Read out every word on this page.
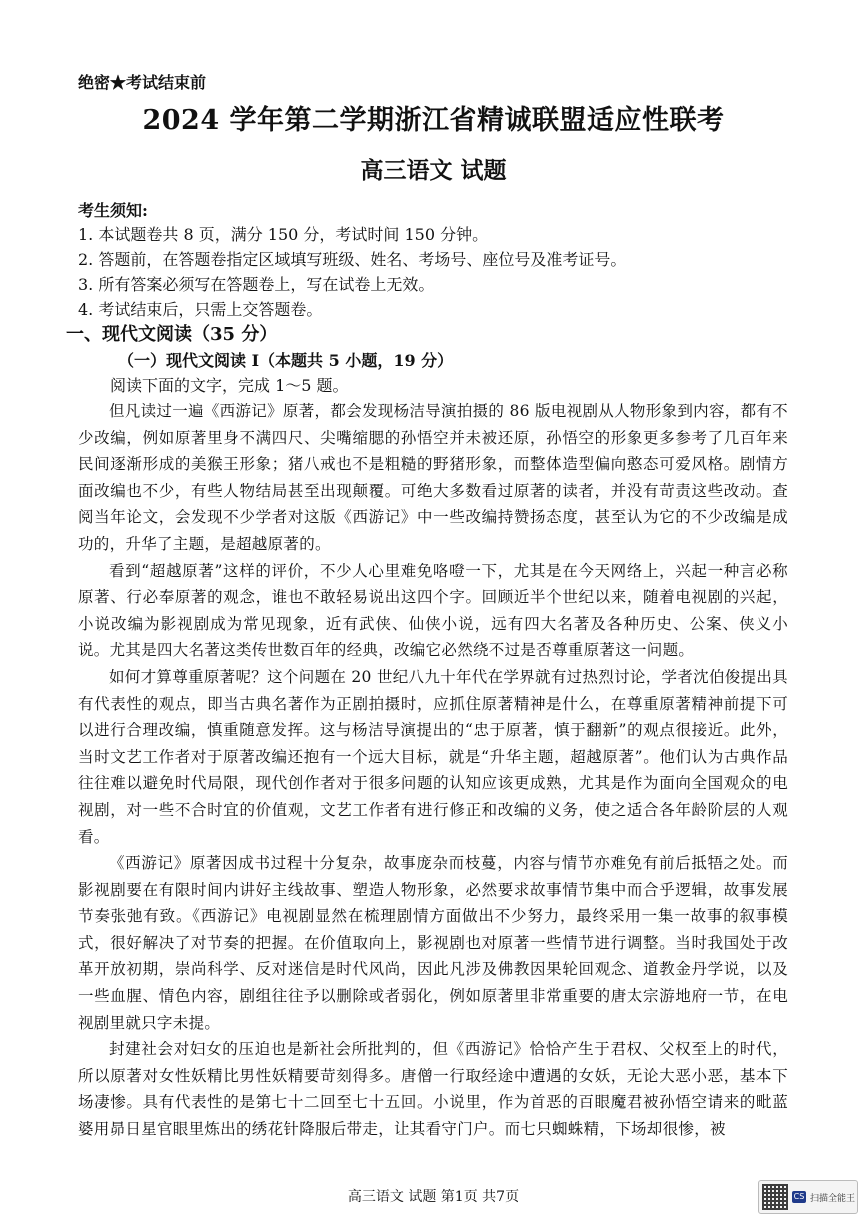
绝密★考试结束前
2024 学年第二学期浙江省精诚联盟适应性联考
高三语文 试题
考生须知:
1. 本试题卷共 8 页，满分 150 分，考试时间 150 分钟。
2. 答题前，在答题卷指定区域填写班级、姓名、考场号、座位号及准考证号。
3. 所有答案必须写在答题卷上，写在试卷上无效。
4. 考试结束后，只需上交答题卷。
一、现代文阅读（35 分）
（一）现代文阅读 I（本题共 5 小题，19 分）
阅读下面的文字，完成 1～5 题。

但凡读过一遍《西游记》原著，都会发现杨洁导演拍摄的 86 版电视剧从人物形象到内容，都有不少改编，例如原著里身不满四尺、尖嘴缩腮的孙悟空并未被还原，孙悟空的形象更多参考了几百年来民间逐渐形成的美猴王形象；猪八戒也不是粗糙的野猪形象，而整体造型偏向憨态可爱风格。剧情方面改编也不少，有些人物结局甚至出现颠覆。可绝大多数看过原著的读者，并没有苛责这些改动。查阅当年论文，会发现不少学者对这版《西游记》中一些改编持赞扬态度，甚至认为它的不少改编是成功的，升华了主题，是超越原著的。

看到“超越原著”这样的评价，不少人心里难免咯噔一下，尤其是在今天网络上，兴起一种言必称原著、行必奉原著的观念，谁也不敢轻易说出这四个字。回顾近半个世纪以来，随着电视剧的兴起，小说改编为影视剧成为常见现象，近有武侠、仙侠小说，远有四大名著及各种历史、公案、侠义小说。尤其是四大名著这类传世数百年的经典，改编它必然绕不过是否尊重原著这一问题。

如何才算尊重原著呢？这个问题在 20 世纪八九十年代在学界就有过热烈讨论，学者沈伯俊提出具有代表性的观点，即当古典名著作为正剧拍摄时，应抓住原著精神是什么，在尊重原著精神前提下可以进行合理改编，慎重随意发挥。这与杨洁导演提出的“忠于原著，慎于翻新”的观点很接近。此外，当时文艺工作者对于原著改编还抱有一个远大目标，就是“升华主题，超越原著”。他们认为古典作品往往难以避免时代局限，现代创作者对于很多问题的认知应该更成熟，尤其是作为面向全国观众的电视剧，对一些不合时宜的价值观，文艺工作者有进行修正和改编的义务，使之适合各年龄阶层的人观看。

《西游记》原著因成书过程十分复杂，故事庞杂而枝蔓，内容与情节亦难免有前后抵牾之处。而影视剧要在有限时间内讲好主线故事、塑造人物形象，必然要求故事情节集中而合乎逻辑，故事发展节奏张弛有致。《西游记》电视剧显然在梳理剧情方面做出不少努力，最终采用一集一故事的叙事模式，很好解决了对节奏的把握。在价值取向上，影视剧也对原著一些情节进行调整。当时我国处于改革开放初期，崇尚科学、反对迷信是时代风尚，因此凡涉及佛教因果轮回观念、道教金丹学说，以及一些血腥、情色内容，剧组往往予以删除或者弱化，例如原著里非常重要的唐太宗游地府一节，在电视剧里就只字未提。

封建社会对妇女的压迫也是新社会所批判的，但《西游记》恰恰产生于君权、父权至上的时代，所以原著对女性妖精比男性妖精要苛刻得多。唐僧一行取经途中遭遇的女妖，无论大恶小恶，基本下场凄惨。具有代表性的是第七十二回至七十五回。小说里，作为首恶的百眼魔君被孙悟空请来的毗蓝婆用昴日星官眼里炼出的绣花针降服后带走，让其看守门户。而七只蜘蛛精，下场却很惨，被

高三语文 试题 第1页 共7页	CS 扫描全能王
